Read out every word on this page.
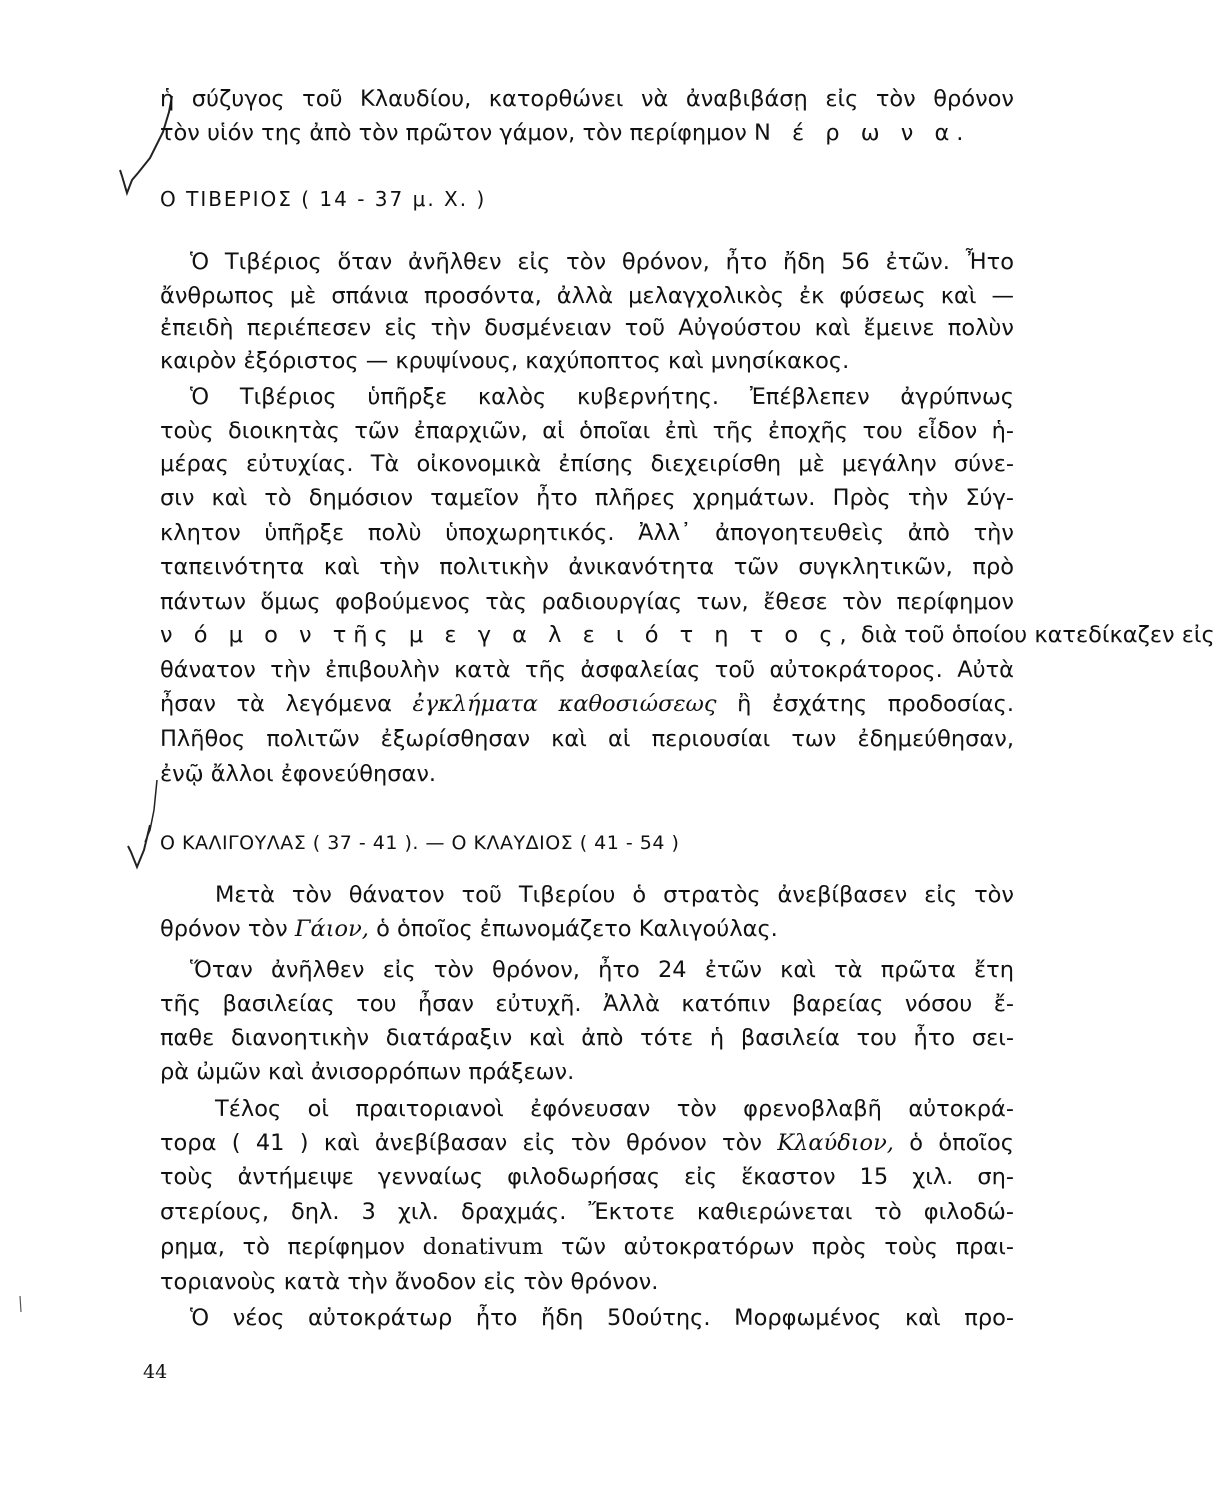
ἡ σύζυγος τοῦ Κλαυδίου, κατορθώνει νὰ ἀναβιβάσῃ εἰς τὸν θρόνον
τὸν υἱόν της ἀπὸ τὸν πρῶτον γάμον, τὸν περίφημον Ν έ ρ ω ν α.
Ο ΤΙΒΕΡΙΟΣ ( 14 - 37 μ. Χ. )
Ὁ Τιβέριος ὅταν ἀνῆλθεν εἰς τὸν θρόνον, ἦτο ἤδη 56 ἐτῶν. Ἦτο
ἄνθρωπος μὲ σπάνια προσόντα, ἀλλὰ μελαγχολικὸς ἐκ φύσεως καὶ —
ἐπειδὴ περιέπεσεν εἰς τὴν δυσμένειαν τοῦ Αὐγούστου καὶ ἔμεινε πολὺν
καιρὸν ἐξόριστος — κρυψίνους, καχύποπτος καὶ μνησίκακος.
Ὁ Τιβέριος ὑπῆρξε καλὸς κυβερνήτης. Ἐπέβλεπεν ἀγρύπνως
τοὺς διοικητὰς τῶν ἐπαρχιῶν, αἱ ὁποῖαι ἐπὶ τῆς ἐποχῆς του εἶδον ἡ-
μέρας εὐτυχίας. Τὰ οἰκονομικὰ ἐπίσης διεχειρίσθη μὲ μεγάλην σύνε-
σιν καὶ τὸ δημόσιον ταμεῖον ἦτο πλῆρες χρημάτων. Πρὸς τὴν Σύγ-
κλητον ὑπῆρξε πολὺ ὑποχωρητικός. Ἀλλ᾽ ἀπογοητευθεὶς ἀπὸ τὴν
ταπεινότητα καὶ τὴν πολιτικὴν ἀνικανότητα τῶν συγκλητικῶν, πρὸ
πάντων ὅμως φοβούμενος τὰς ραδιουργίας των, ἔθεσε τὸν περίφημον
ν ό μ ο ν τῆς μ ε γ α λ ε ι ό τ η τ ο ς, διὰ τοῦ ὁποίου κατεδίκαζεν εἰς
θάνατον τὴν ἐπιβουλὴν κατὰ τῆς ἀσφαλείας τοῦ αὐτοκράτορος. Αὐτὰ
ἦσαν τὰ λεγόμενα ἐγκλήματα καθοσιώσεως ἢ ἐσχάτης προδοσίας.
Πλῆθος πολιτῶν ἐξωρίσθησαν καὶ αἱ περιουσίαι των ἐδημεύθησαν,
ἐνῷ ἄλλοι ἐφονεύθησαν.
Ο ΚΑΛΙΓΟΥΛΑΣ ( 37 - 41 ). — Ο ΚΛΑΥΔΙΟΣ ( 41 - 54 )
Μετὰ τὸν θάνατον τοῦ Τιβερίου ὁ στρατὸς ἀνεβίβασεν εἰς τὸν
θρόνον τὸν Γάιον, ὁ ὁποῖος ἐπωνομάζετο Καλιγούλας.
Ὅταν ἀνῆλθεν εἰς τὸν θρόνον, ἦτο 24 ἐτῶν καὶ τὰ πρῶτα ἔτη
τῆς βασιλείας του ἦσαν εὐτυχῆ. Ἀλλὰ κατόπιν βαρείας νόσου ἔ-
παθε διανοητικὴν διατάραξιν καὶ ἀπὸ τότε ἡ βασιλεία του ἦτο σει-
ρὰ ὠμῶν καὶ ἀνισορρόπων πράξεων.
Τέλος οἱ πραιτοριανοὶ ἐφόνευσαν τὸν φρενοβλαβῆ αὐτοκρά-
τορα ( 41 ) καὶ ἀνεβίβασαν εἰς τὸν θρόνον τὸν Κλαύδιον, ὁ ὁποῖος
τοὺς ἀντήμειψε γενναίως φιλοδωρήσας εἰς ἕκαστον 15 χιλ. ση-
στερίους, δηλ. 3 χιλ. δραχμάς. Ἔκτοτε καθιερώνεται τὸ φιλοδώ-
ρημα, τὸ περίφημον donativum τῶν αὐτοκρατόρων πρὸς τοὺς πραι-
τοριανοὺς κατὰ τὴν ἄνοδον εἰς τὸν θρόνον.
Ὁ νέος αὐτοκράτωρ ἦτο ἤδη 50ούτης. Μορφωμένος καὶ προ-
44
